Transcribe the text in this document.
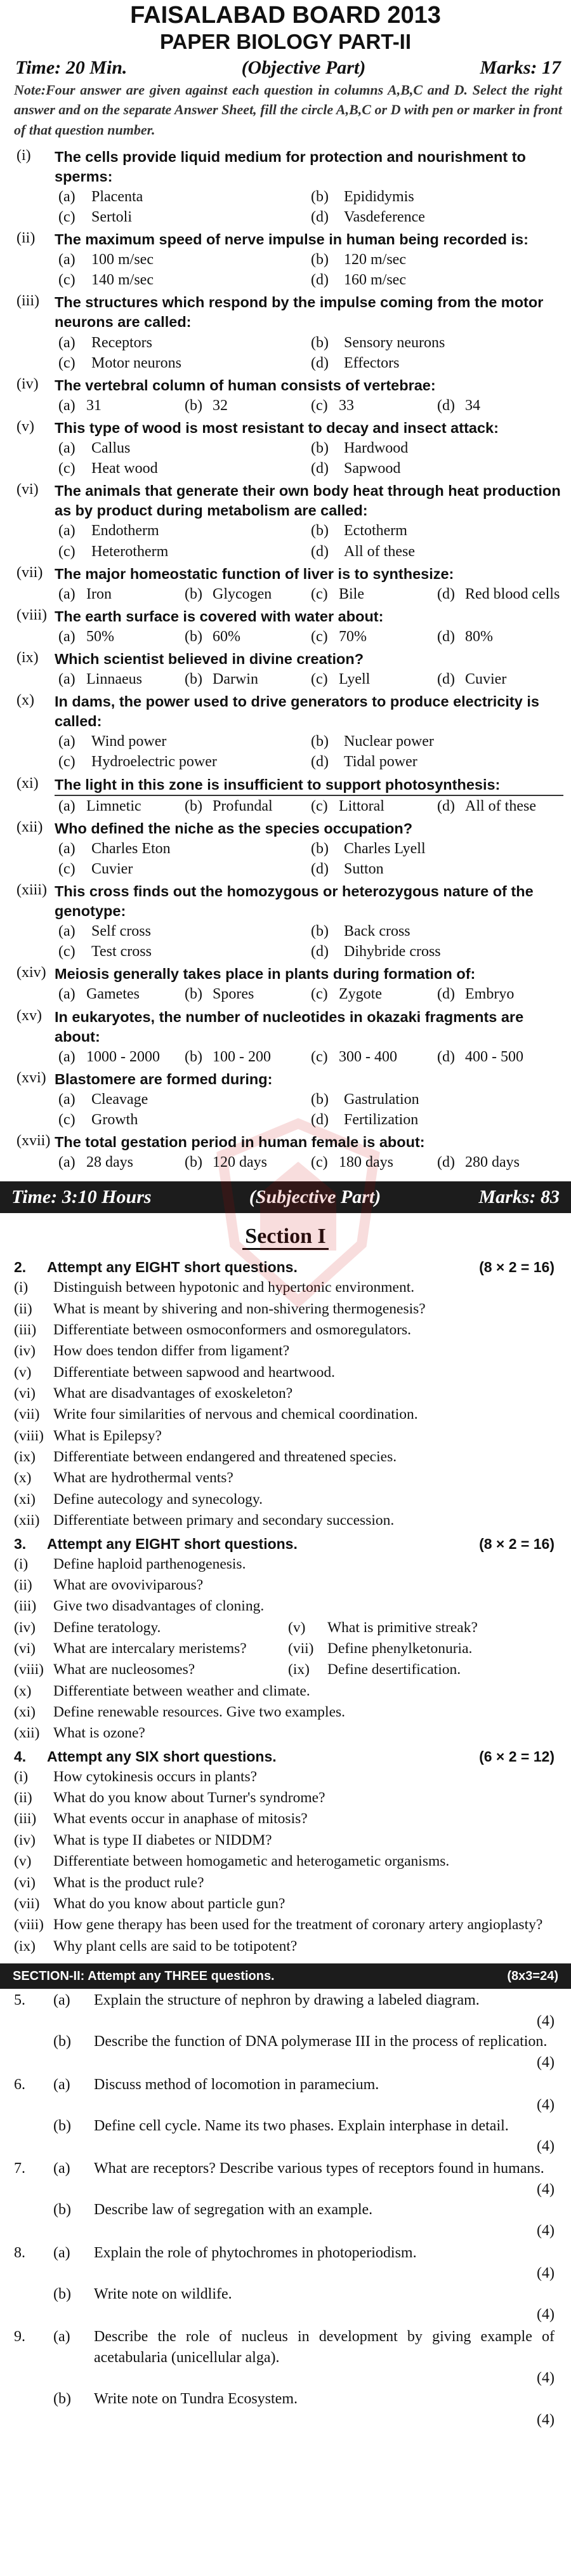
FAISALABAD BOARD 2013
PAPER BIOLOGY PART-II
Time: 20 Min.	(Objective Part)	Marks: 17
Note:Four answer are given against each question in columns A,B,C and D. Select the right answer and on the separate Answer Sheet, fill the circle A,B,C or D with pen or marker in front of that question number.
(i) The cells provide liquid medium for protection and nourishment to sperms:
(a)	Placenta	(b)	Epididymis
(c)	Sertoli	(d)	Vasdeference
(ii) The maximum speed of nerve impulse in human being recorded is:
(a)	100 m/sec	(b)	120 m/sec
(c)	140 m/sec	(d)	160 m/sec
(iii) The structures which respond by the impulse coming from the motor neurons are called:
(a)	Receptors	(b)	Sensory neurons
(c)	Motor neurons	(d)	Effectors
(iv) The vertebral column of human consists of vertebrae:
(a) 31	(b) 32	(c) 33	(d) 34
(v) This type of wood is most resistant to decay and insect attack:
(a)	Callus	(b)	Hardwood
(c)	Heat wood	(d)	Sapwood
(vi) The animals that generate their own body heat through heat production as by product during metabolism are called:
(a)	Endotherm	(b)	Ectotherm
(c)	Heterotherm	(d)	All of these
(vii) The major homeostatic function of liver is to synthesize:
(a) Iron	(b) Glycogen	(c) Bile	(d) Red blood cells
(viii) The earth surface is covered with water about:
(a) 50%	(b) 60%	(c) 70%	(d) 80%
(ix) Which scientist believed in divine creation?
(a) Linnaeus	(b) Darwin	(c) Lyell	(d) Cuvier
(x) In dams, the power used to drive generators to produce electricity is called:
(a)	Wind power	(b)	Nuclear power
(c)	Hydroelectric power	(d)	Tidal power
(xi) The light in this zone is insufficient to support photosynthesis:
(a) Limnetic	(b) Profundal	(c) Littoral	(d) All of these
(xii) Who defined the niche as the species occupation?
(a)	Charles Eton	(b)	Charles Lyell
(c)	Cuvier	(d)	Sutton
(xiii) This cross finds out the homozygous or heterozygous nature of the genotype:
(a)	Self cross	(b)	Back cross
(c)	Test cross	(d)	Dihybride cross
(xiv) Meiosis generally takes place in plants during formation of:
(a) Gametes	(b) Spores	(c) Zygote	(d) Embryo
(xv) In eukaryotes, the number of nucleotides in okazaki fragments are about:
(a) 1000 - 2000 (b) 100 - 200	(c) 300 - 400	(d) 400 - 500
(xvi) Blastomere are formed during:
(a)	Cleavage	(b)	Gastrulation
(c)	Growth	(d)	Fertilization
(xvii) The total gestation period in human female is about:
(a) 28 days	(b) 120 days	(c) 180 days	(d) 280 days
Time: 3:10 Hours	(Subjective Part)	Marks: 83
Section I
2. Attempt any EIGHT short questions.	(8 × 2 = 16)
(i)	Distinguish between hypotonic and hypertonic environment.
(ii)	What is meant by shivering and non-shivering thermogenesis?
(iii)	Differentiate between osmoconformers and osmoregulators.
(iv)	How does tendon differ from ligament?
(v)	Differentiate between sapwood and heartwood.
(vi)	What are disadvantages of exoskeleton?
(vii) Write four similarities of nervous and chemical coordination.
(viii) What is Epilepsy?
(ix)	Differentiate between endangered and threatened species.
(x)	What are hydrothermal vents?
(xi)	Define autecology and synecology.
(xii) Differentiate between primary and secondary succession.
3. Attempt any EIGHT short questions.	(8 × 2 = 16)
(i)	Define haploid parthenogenesis.
(ii)	What are ovoviviparous?
(iii)	Give two disadvantages of cloning.
(iv)	Define teratology.	(v)	What is primitive streak?
(vi)	What are intercalary meristems?	(vii) Define phenylketonuria.
(viii) What are nucleosomes?	(ix)	Define desertification.
(x)	Differentiate between weather and climate.
(xi)	Define renewable resources. Give two examples.
(xii) What is ozone?
4. Attempt any SIX short questions.	(6 × 2 = 12)
(i)	How cytokinesis occurs in plants?
(ii)	What do you know about Turner's syndrome?
(iii)	What events occur in anaphase of mitosis?
(iv)	What is type II diabetes or NIDDM?
(v)	Differentiate between homogametic and heterogametic organisms.
(vi)	What is the product rule?
(vii) What do you know about particle gun?
(viii) How gene therapy has been used for the treatment of coronary artery angioplasty?
(ix)	Why plant cells are said to be totipotent?
SECTION-II: Attempt any THREE questions.	(8x3=24)
5.	(a)	Explain the structure of nephron by drawing a labeled diagram.
(4)
(b)	Describe the function of DNA polymerase III in the process of replication.
(4)
6.	(a)	Discuss method of locomotion in paramecium.
(4)
(b)	Define cell cycle. Name its two phases. Explain interphase in detail.
(4)
7.	(a)	What are receptors? Describe various types of receptors found in humans.
(4)
(b)	Describe law of segregation with an example.
(4)
8.	(a)	Explain the role of phytochromes in photoperiodism.
(4)
(b)	Write note on wildlife.
(4)
9.	(a)	Describe the role of nucleus in development by giving example of acetabularia (unicellular alga).
(4)
(b)	Write note on Tundra Ecosystem.
(4)
